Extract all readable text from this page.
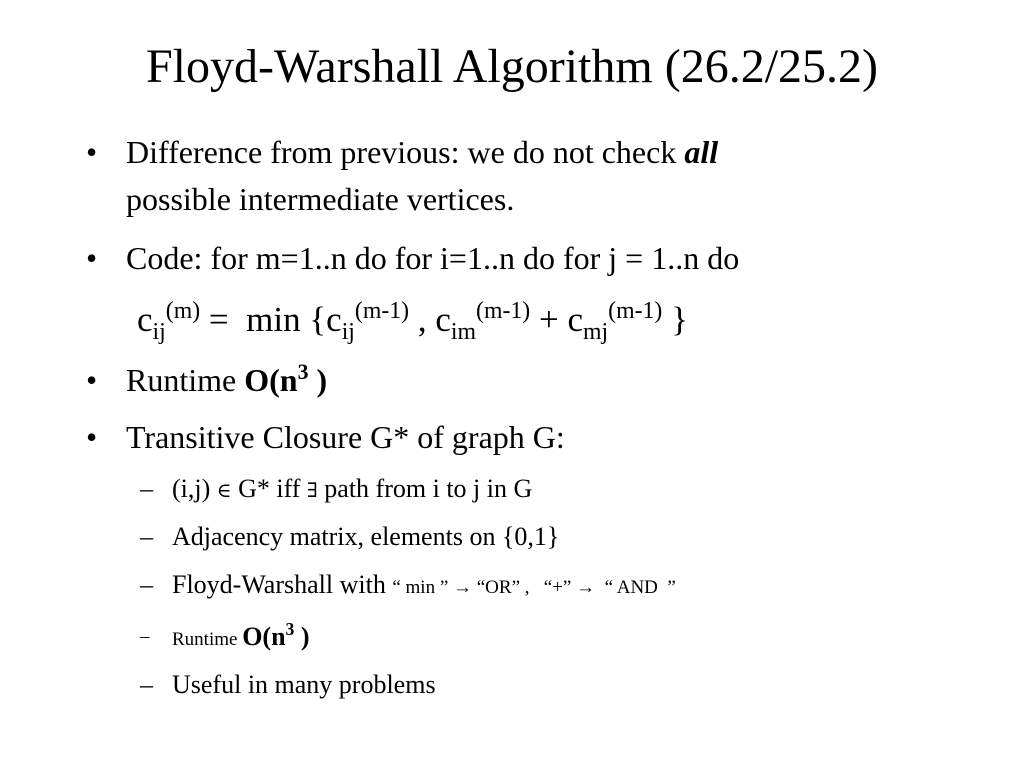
Floyd-Warshall Algorithm (26.2/25.2)
• Difference from previous: we do not check all
possible intermediate vertices.
• Code: for m=1..n do for i=1..n do for j = 1..n do
$c_{ij}^{(m)} = \min \{c_{ij}^{(m-1)}$ , $c_{im}^{(m-1)} + c_{mj}^{(m-1)}$ }
• Runtime $O(n^3$ )
• Transitive Closure G* of graph G:
– (i,j) ∈ G* iff ∃ path from i to j in G
– Adjacency matrix, elements on {0,1}
– Floyd-Warshall with “ min ” → “OR” ,   “+” →  “ AND  ”
– Runtime $O(n^3$ )
– Useful in many problems
